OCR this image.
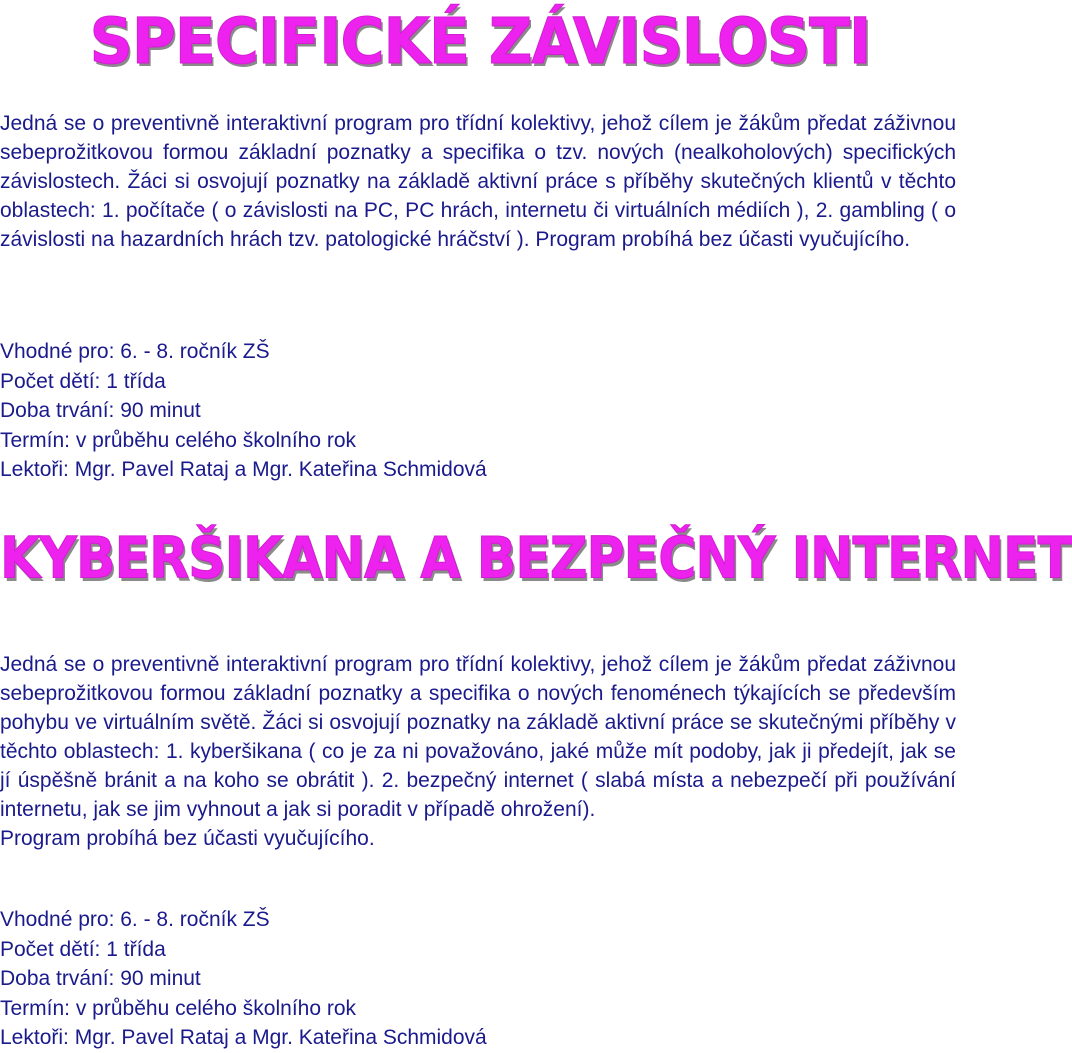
SPECIFICKÉ ZÁVISLOSTI

Jedná se o preventivně interaktivní program pro třídní kolektivy, jehož cílem je žákům předat záživnou sebeprožitkovou formou základní poznatky a specifika o tzv. nových (nealkoholových) specifických závislostech. Žáci si osvojují poznatky na základě aktivní práce s příběhy skutečných klientů v těchto oblastech: 1. počítače ( o závislosti na PC, PC hrách, internetu či virtuálních médiích ), 2. gambling ( o závislosti na hazardních hrách tzv. patologické hráčství ). Program probíhá bez účasti vyučujícího.

Vhodné pro: 6. - 8. ročník ZŠ
Počet dětí: 1 třída
Doba trvání: 90 minut
Termín: v průběhu celého školního rok
Lektoři: Mgr. Pavel Rataj a Mgr. Kateřina Schmidová
KYBERŠIKANA A BEZPEČNÝ INTERNET

Jedná se o preventivně interaktivní program pro třídní kolektivy, jehož cílem je žákům předat záživnou sebeprožitkovou formou základní poznatky a specifika o nových fenoménech týkajících se především pohybu ve virtuálním světě. Žáci si osvojují poznatky na základě aktivní práce se skutečnými příběhy v těchto oblastech: 1. kyberšikana ( co je za ni považováno, jaké může mít podoby, jak ji předejít, jak se jí úspěšně bránit a na koho se obrátit ). 2. bezpečný internet ( slabá místa a nebezpečí při používání internetu, jak se jim vyhnout a jak si poradit v případě ohrožení).

Program probíhá bez účasti vyučujícího.

Vhodné pro: 6. - 8. ročník ZŠ
Počet dětí: 1 třída
Doba trvání: 90 minut
Termín: v průběhu celého školního rok
Lektoři: Mgr. Pavel Rataj a Mgr. Kateřina Schmidová
